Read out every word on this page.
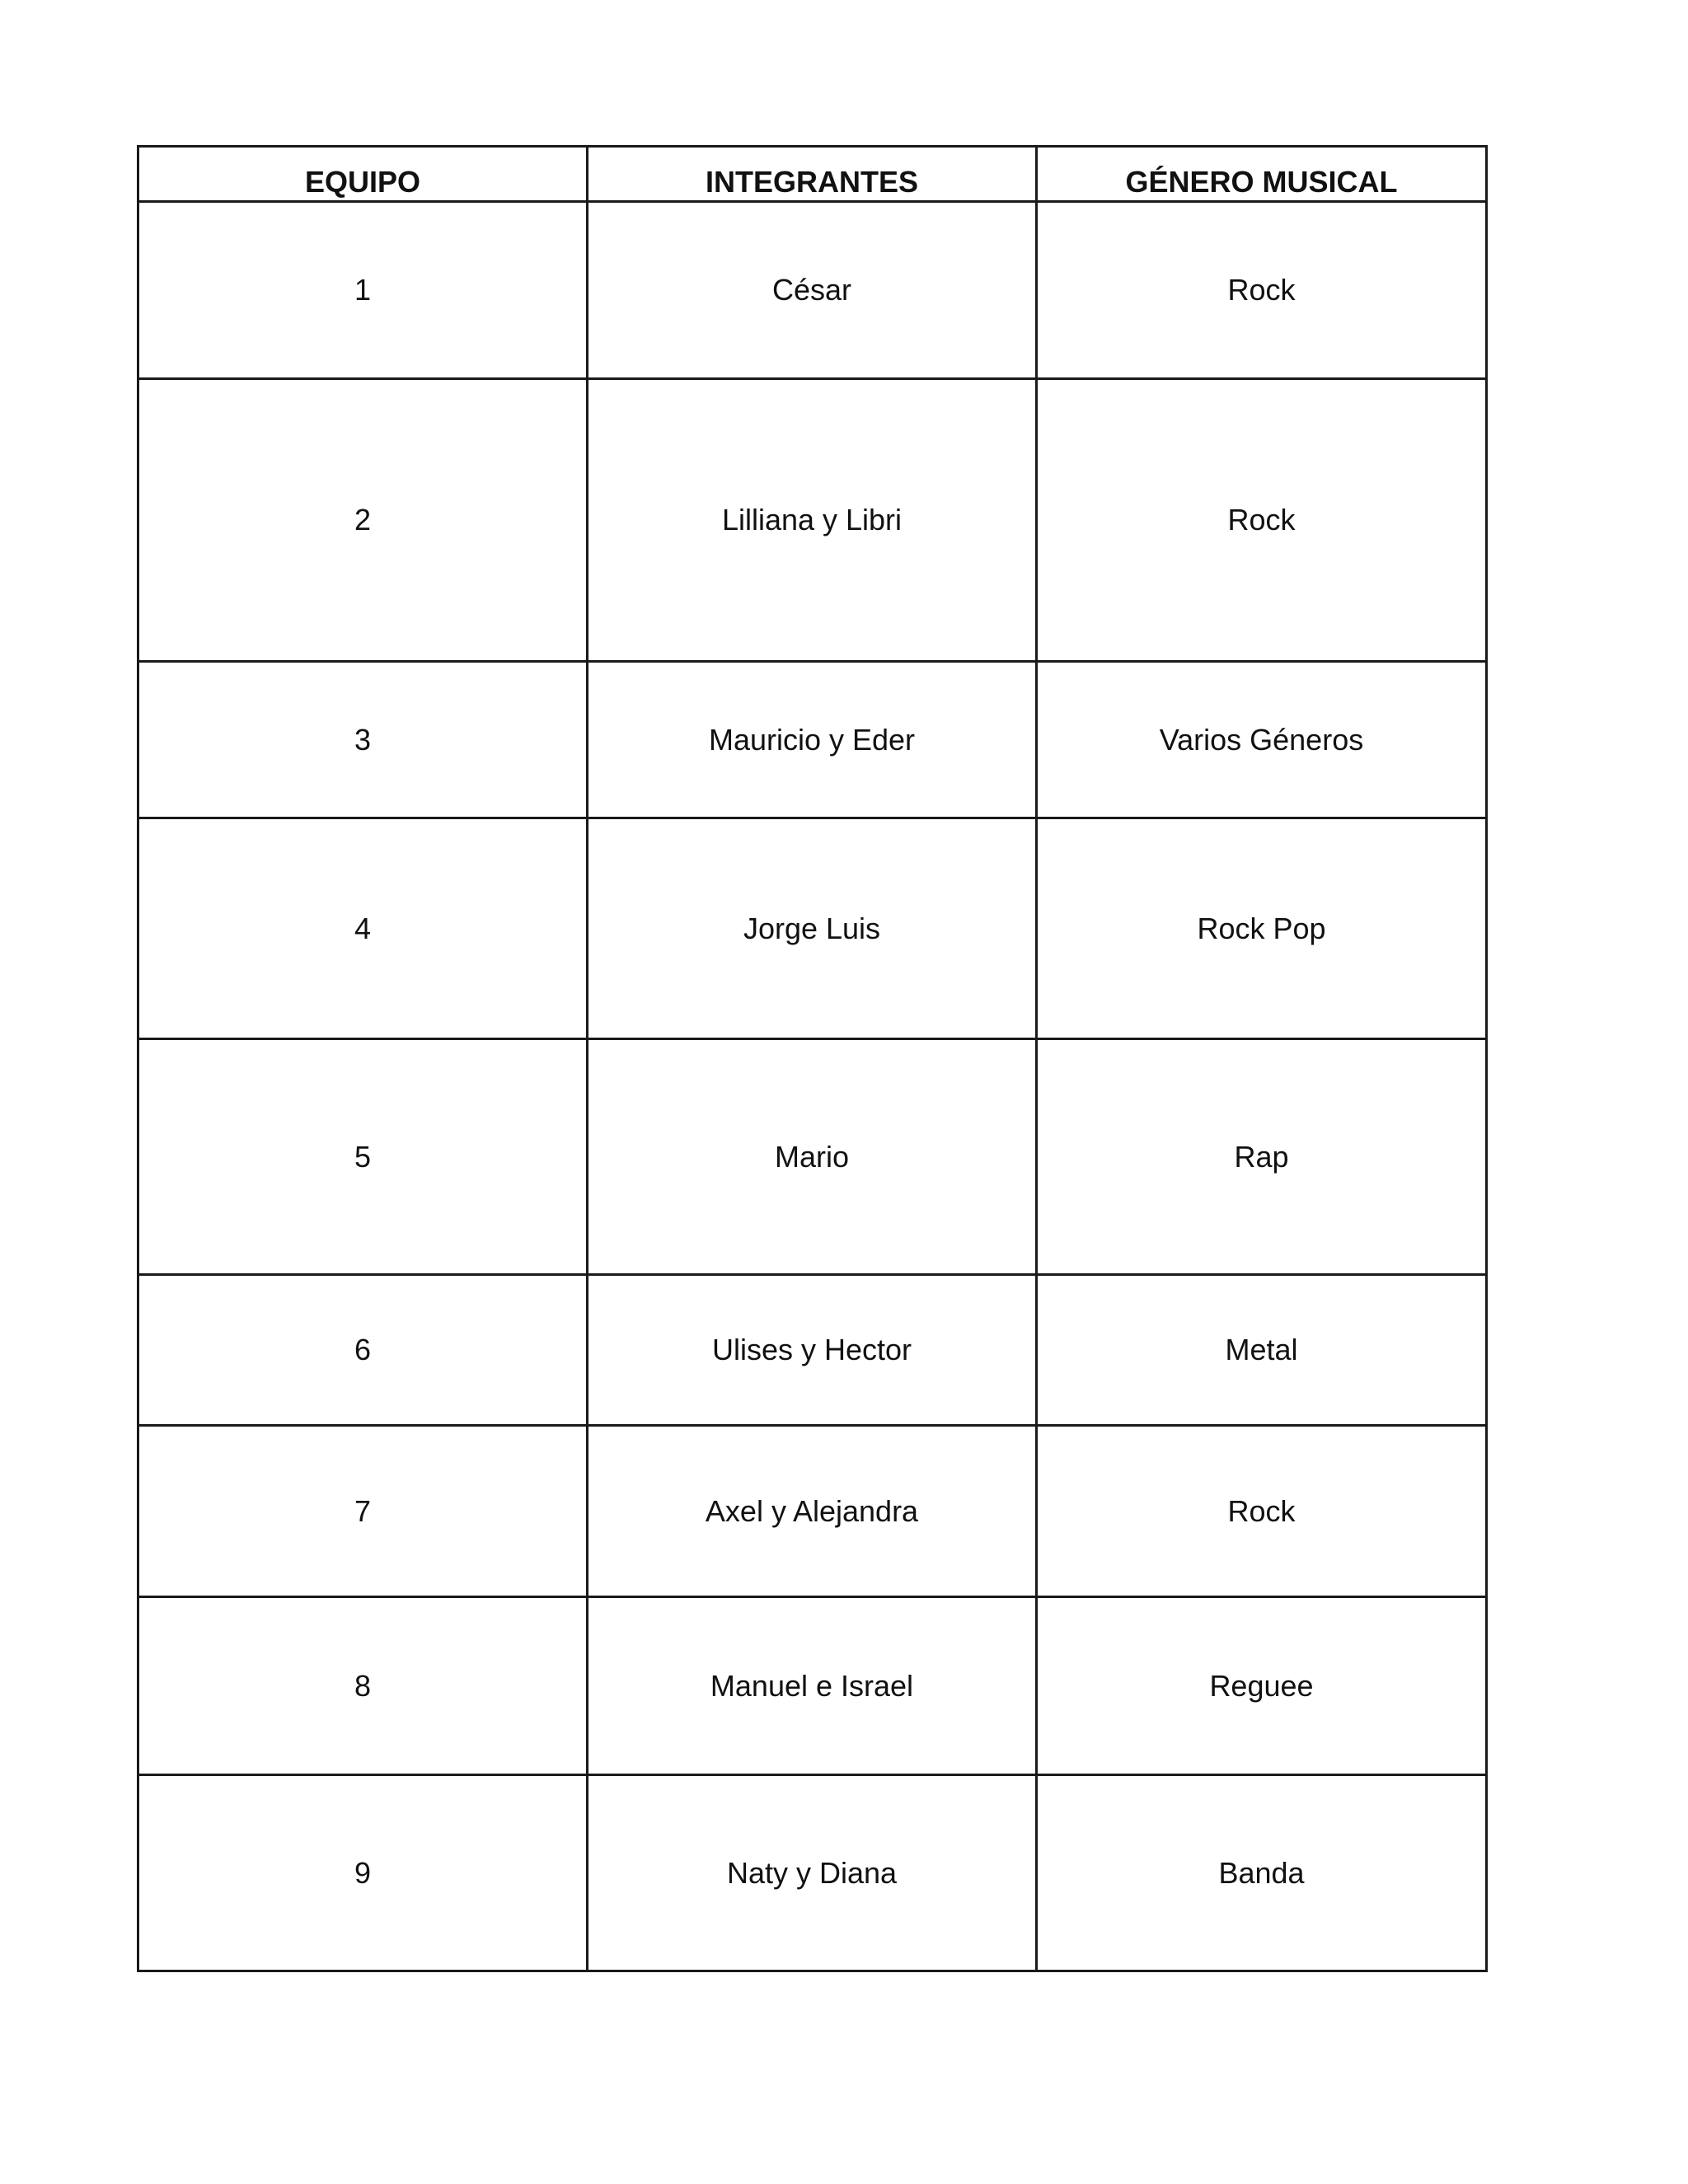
EQUIPO	INTEGRANTES	GÉNERO MUSICAL
1	César	Rock
2	Lilliana y Libri	Rock
3	Mauricio y Eder	Varios Géneros
4	Jorge Luis	Rock Pop
5	Mario	Rap
6	Ulises y Hector	Metal
7	Axel y Alejandra	Rock
8	Manuel e Israel	Reguee
9	Naty y Diana	Banda
